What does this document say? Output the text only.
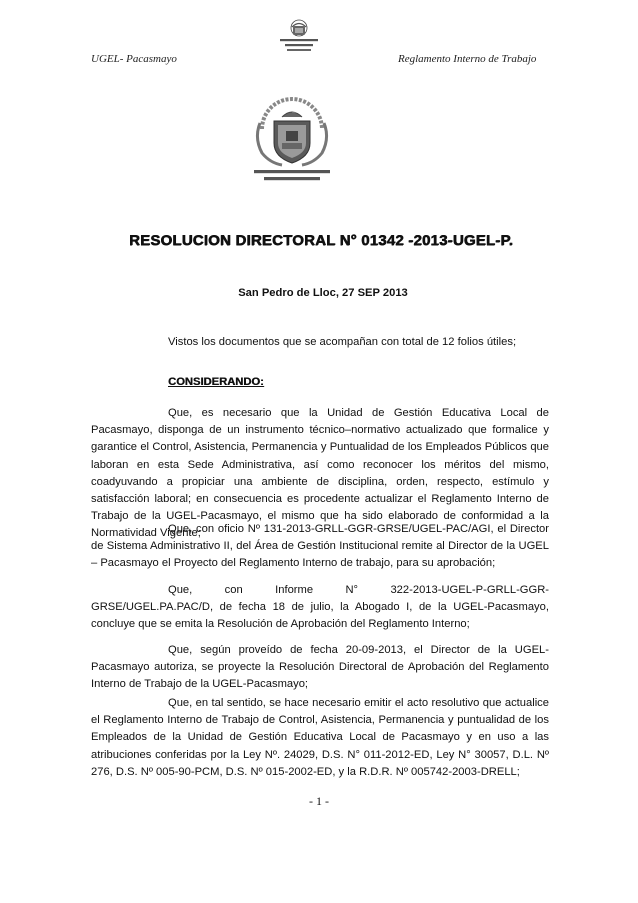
UGEL- Pacasmayo	Reglamento Interno de Trabajo
FIRME Y FELIZ POR LA UNIÓN
RESOLUCION DIRECTORAL N° 01342 -2013-UGEL-P.
San Pedro de Lloc, 27 SEP 2013
Vistos los documentos que se acompañan con total de 12 folios útiles;
CONSIDERANDO:
Que, es necesario que la Unidad de Gestión Educativa Local de Pacasmayo, disponga de un instrumento técnico–normativo actualizado que formalice y garantice el Control, Asistencia, Permanencia y Puntualidad de los Empleados Públicos que laboran en esta Sede Administrativa, así como reconocer los méritos del mismo, coadyuvando a propiciar una ambiente de disciplina, orden, respecto, estímulo y satisfacción laboral; en consecuencia es procedente actualizar el Reglamento Interno de Trabajo de la UGEL-Pacasmayo, el mismo que ha sido elaborado de conformidad a la Normatividad Vigente;
Que, con oficio Nº 131-2013-GRLL-GGR-GRSE/UGEL-PAC/AGI, el Director de Sistema Administrativo II, del Área de Gestión Institucional remite al Director de la UGEL – Pacasmayo el Proyecto del Reglamento Interno de trabajo, para su aprobación;
Que, con Informe N° 322-2013-UGEL-P-GRLL-GGR-GRSE/UGEL.PA.PAC/D, de fecha 18 de julio, la Abogado I, de la UGEL-Pacasmayo, concluye que se emita la Resolución de Aprobación del Reglamento Interno;
Que, según proveído de fecha 20-09-2013, el Director de la UGEL-Pacasmayo autoriza, se proyecte la Resolución Directoral de Aprobación del Reglamento Interno de Trabajo de la UGEL-Pacasmayo;
Que, en tal sentido, se hace necesario emitir el acto resolutivo que actualice el Reglamento Interno de Trabajo de Control, Asistencia, Permanencia y puntualidad de los Empleados de la Unidad de Gestión Educativa Local de Pacasmayo y en uso a las atribuciones conferidas por la Ley Nº. 24029, D.S. N° 011-2012-ED, Ley N° 30057, D.L. Nº 276, D.S. Nº 005-90-PCM, D.S. Nº 015-2002-ED, y la R.D.R. Nº 005742-2003-DRELL;
- 1 -
